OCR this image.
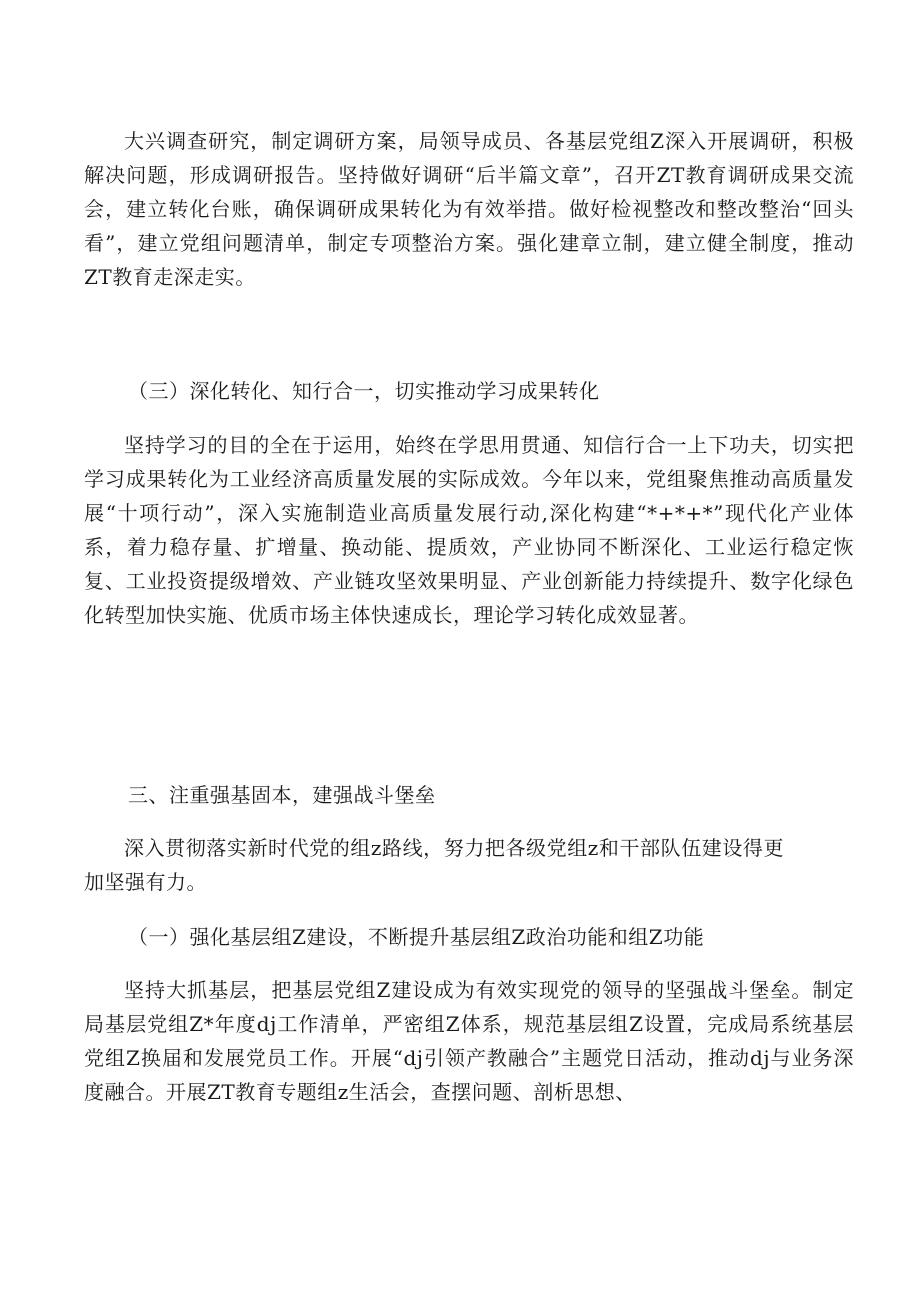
大兴调查研究，制定调研方案，局领导成员、各基层党组Z深入开展调研，积极解决问题，形成调研报告。坚持做好调研“后半篇文章”，召开ZT教育调研成果交流会，建立转化台账，确保调研成果转化为有效举措。做好检视整改和整改整治“回头看”，建立党组问题清单，制定专项整治方案。强化建章立制，建立健全制度，推动ZT教育走深走实。
（三）深化转化、知行合一，切实推动学习成果转化
坚持学习的目的全在于运用，始终在学思用贯通、知信行合一上下功夫，切实把学习成果转化为工业经济高质量发展的实际成效。今年以来，党组聚焦推动高质量发展“十项行动”，深入实施制造业高质量发展行动,深化构建“*+*+*”现代化产业体系，着力稳存量、扩增量、换动能、提质效，产业协同不断深化、工业运行稳定恢复、工业投资提级增效、产业链攻坚效果明显、产业创新能力持续提升、数字化绿色化转型加快实施、优质市场主体快速成长，理论学习转化成效显著。
三、注重强基固本，建强战斗堡垒
深入贯彻落实新时代党的组z路线，努力把各级党组z和干部队伍建设得更加坚强有力。
（一）强化基层组Z建设，不断提升基层组Z政治功能和组Z功能
坚持大抓基层，把基层党组Z建设成为有效实现党的领导的坚强战斗堡垒。制定局基层党组Z*年度dj工作清单，严密组Z体系，规范基层组Z设置，完成局系统基层党组Z换届和发展党员工作。开展“dj引领产教融合”主题党日活动，推动dj与业务深度融合。开展ZT教育专题组z生活会，查摆问题、剖析思想、
